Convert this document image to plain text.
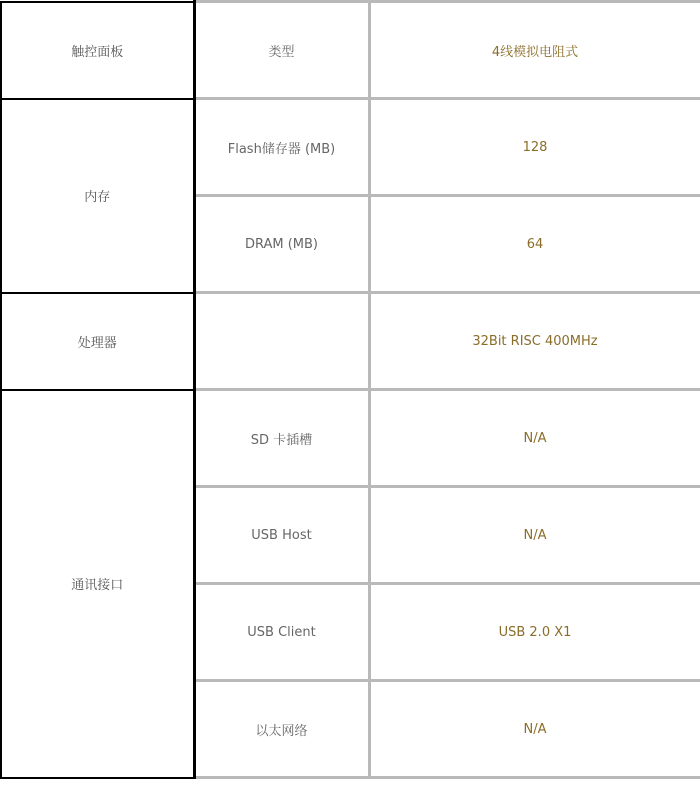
触控面板	类型	4线模拟电阻式
内存	Flash储存器 (MB)	128
	DRAM (MB)	64
处理器		32Bit RISC 400MHz
通讯接口	SD 卡插槽	N/A
	USB Host	N/A
	USB Client	USB 2.0 X1
	以太网络	N/A
